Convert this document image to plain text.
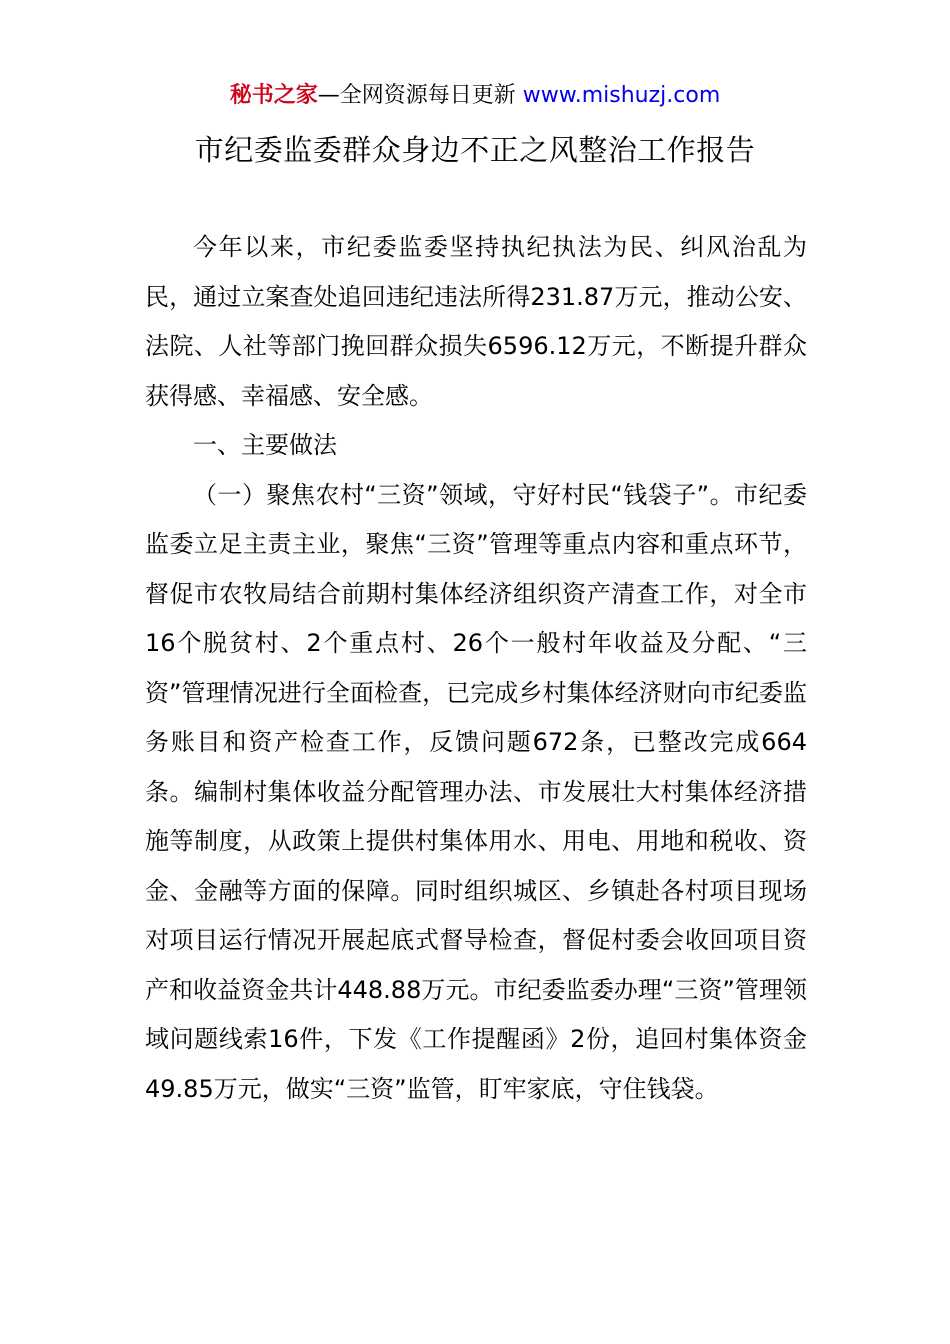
秘书之家—全网资源每日更新 www.mishuzj.com
市纪委监委群众身边不正之风整治工作报告

今年以来，市纪委监委坚持执纪执法为民、纠风治乱为民，通过立案查处追回违纪违法所得231.87万元，推动公安、法院、人社等部门挽回群众损失6596.12万元，不断提升群众获得感、幸福感、安全感。

一、主要做法

（一）聚焦农村“三资”领域，守好村民“钱袋子”。市纪委监委立足主责主业，聚焦“三资”管理等重点内容和重点环节，督促市农牧局结合前期村集体经济组织资产清查工作，对全市16个脱贫村、2个重点村、26个一般村年收益及分配、“三资”管理情况进行全面检查，已完成乡村集体经济财向市纪委监务账目和资产检查工作，反馈问题672条，已整改完成664条。编制村集体收益分配管理办法、市发展壮大村集体经济措施等制度，从政策上提供村集体用水、用电、用地和税收、资金、金融等方面的保障。同时组织城区、乡镇赴各村项目现场对项目运行情况开展起底式督导检查，督促村委会收回项目资产和收益资金共计448.88万元。市纪委监委办理“三资”管理领域问题线索16件，下发《工作提醒函》2份，追回村集体资金49.85万元，做实“三资”监管，盯牢家底，守住钱袋。
